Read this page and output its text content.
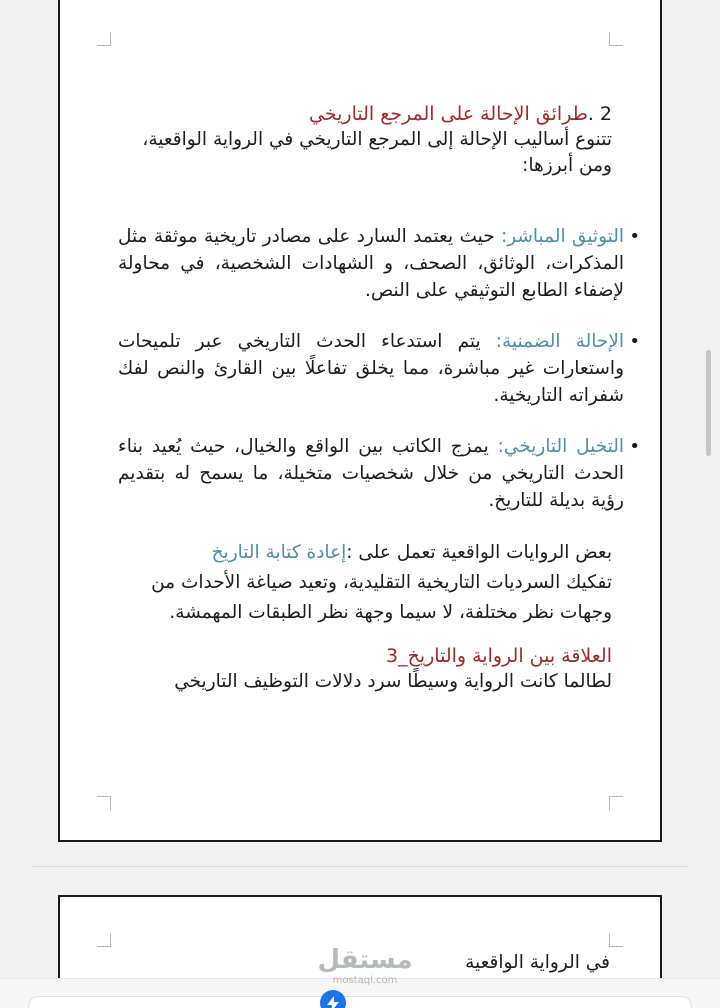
2 .طرائق الإحالة على المرجع التاريخي
تتنوع أساليب الإحالة إلى المرجع التاريخي في الرواية الواقعية، ومن أبرزها:
•
التوثيق المباشر: حيث يعتمد السارد على مصادر تاريخية موثقة مثل المذكرات، الوثائق، الصحف، و الشهادات الشخصية، في محاولة لإضفاء الطابع التوثيقي على النص.
•
الإحالة الضمنية: يتم استدعاء الحدث التاريخي عبر تلميحات واستعارات غير مباشرة، مما يخلق تفاعلًا بين القارئ والنص لفك شفراته التاريخية.
•
التخيل التاريخي: يمزج الكاتب بين الواقع والخيال، حيث يُعيد بناء الحدث التاريخي من خلال شخصيات متخيلة، ما يسمح له بتقديم رؤية بديلة للتاريخ.
بعض الروايات الواقعية تعمل على :إعادة كتابة التاريخ
تفكيك السرديات التاريخية التقليدية، وتعيد صياغة الأحداث من وجهات نظر مختلفة، لا سيما وجهة نظر الطبقات المهمشة.
العلاقة بين الرواية والتاريخ_3
لطالما كانت الرواية وسيطًا سرد دلالات التوظيف التاريخي
في الرواية الواقعية
مستقل
mostaql.com
